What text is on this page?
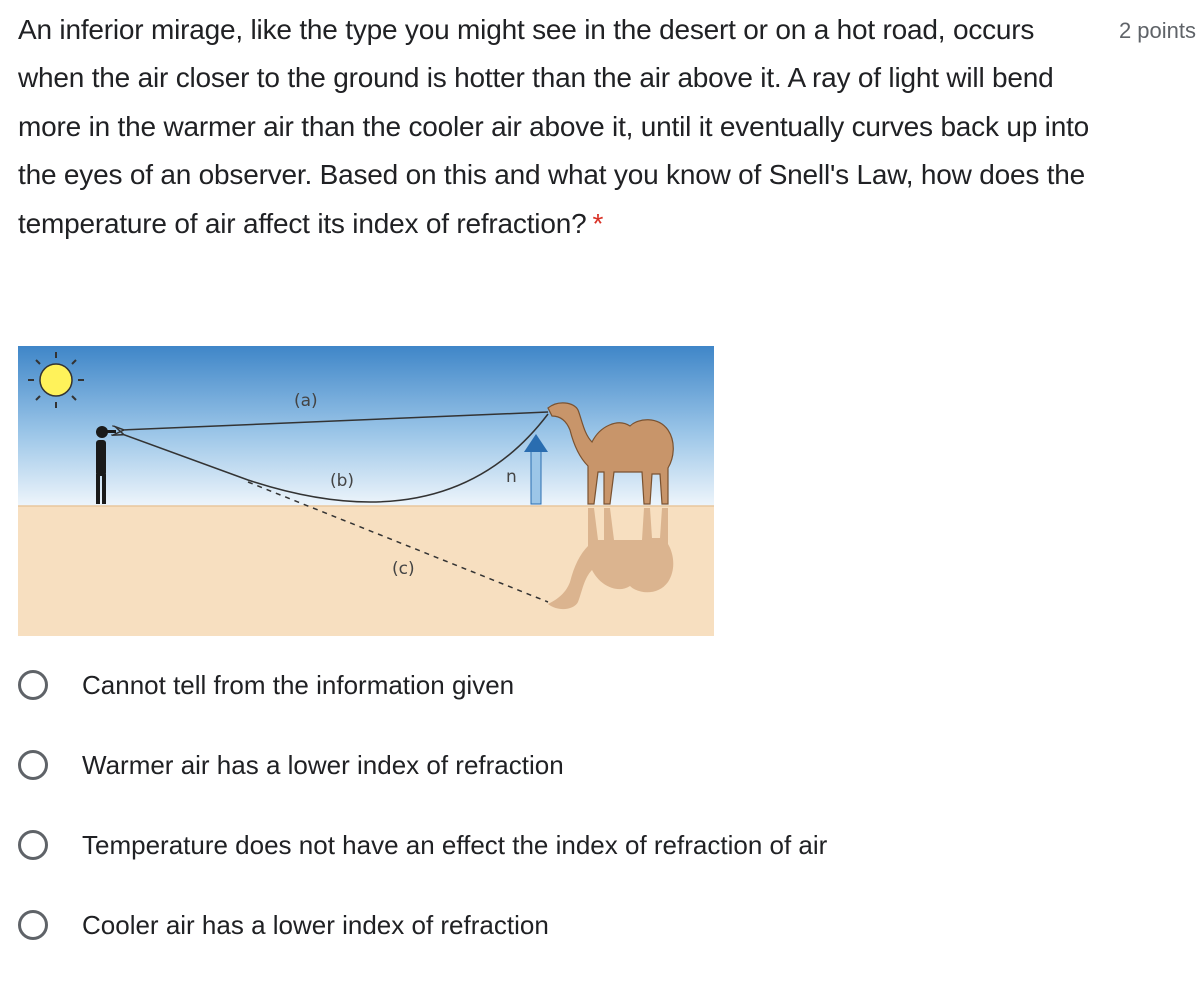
An inferior mirage, like the type you might see in the desert or on a hot road, occurs when the air closer to the ground is hotter than the air above it. A ray of light will bend more in the warmer air than the cooler air above it, until it eventually curves back up into the eyes of an observer. Based on this and what you know of Snell's Law, how does the temperature of air affect its index of refraction? *

2 points
(a)
(b)
(c)
n
Cannot tell from the information given
Warmer air has a lower index of refraction
Temperature does not have an effect the index of refraction of air
Cooler air has a lower index of refraction
